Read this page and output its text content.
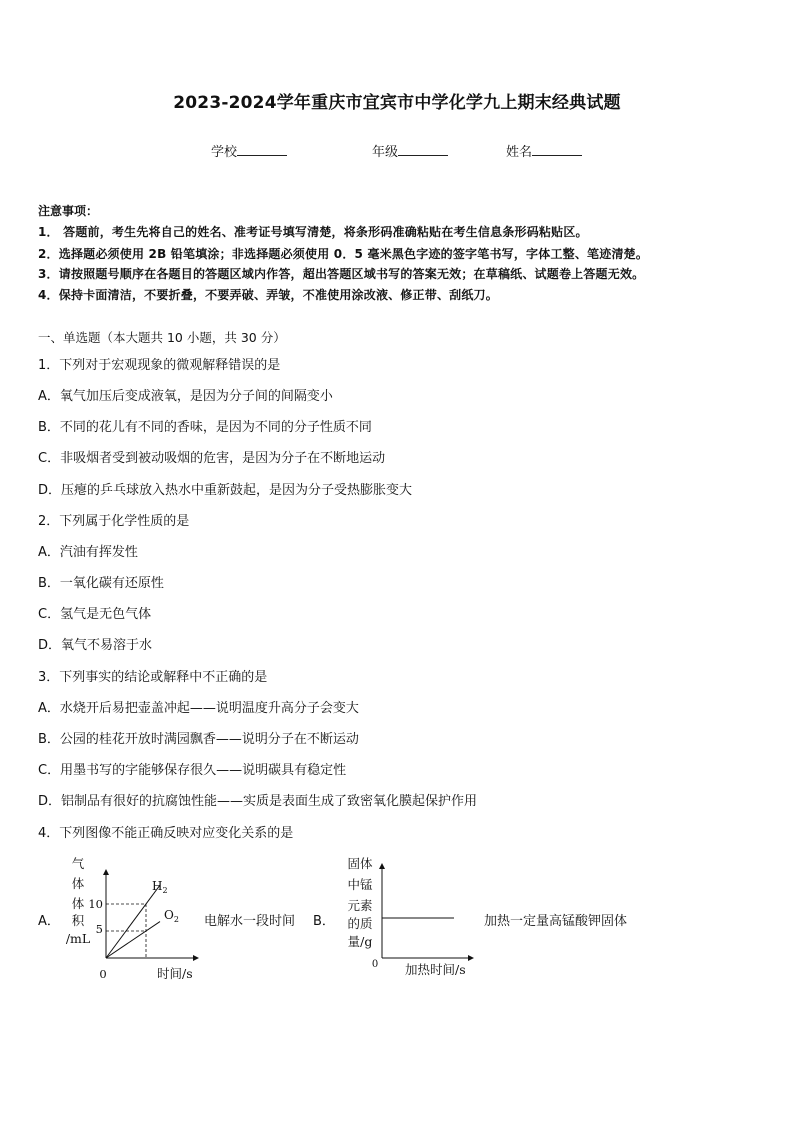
2023-2024学年重庆市宜宾市中学化学九上期末经典试题
学校	年级	姓名
注意事项：
1． 答题前，考生先将自己的姓名、准考证号填写清楚，将条形码准确粘贴在考生信息条形码粘贴区。
2．选择题必须使用 2B 铅笔填涂；非选择题必须使用 0．5 毫米黑色字迹的签字笔书写，字体工整、笔迹清楚。
3．请按照题号顺序在各题目的答题区域内作答，超出答题区域书写的答案无效；在草稿纸、试题卷上答题无效。
4．保持卡面清洁，不要折叠，不要弄破、弄皱，不准使用涂改液、修正带、刮纸刀。
一、单选题（本大题共 10 小题，共 30 分）
1．下列对于宏观现象的微观解释错误的是
A．氧气加压后变成液氧，是因为分子间的间隔变小
B．不同的花儿有不同的香味，是因为不同的分子性质不同
C．非吸烟者受到被动吸烟的危害，是因为分子在不断地运动
D．压瘪的乒乓球放入热水中重新鼓起，是因为分子受热膨胀变大
2．下列属于化学性质的是
A．汽油有挥发性
B．一氧化碳有还原性
C．氢气是无色气体
D．氧气不易溶于水
3．下列事实的结论或解释中不正确的是
A．水烧开后易把壶盖冲起——说明温度升高分子会变大
B．公园的桂花开放时满园飘香——说明分子在不断运动
C．用墨书写的字能够保存很久——说明碳具有稳定性
D．铝制品有很好的抗腐蚀性能——实质是表面生成了致密氧化膜起保护作用
4．下列图像不能正确反映对应变化关系的是
A．
气
体
体
积
/mL
10
5
$H_2$
$O_2$
0	时间/s
电解水一段时间 B．
固体
中锰
元素
的质
量/g
0 加热时间/s
加热一定量高锰酸钾固体
